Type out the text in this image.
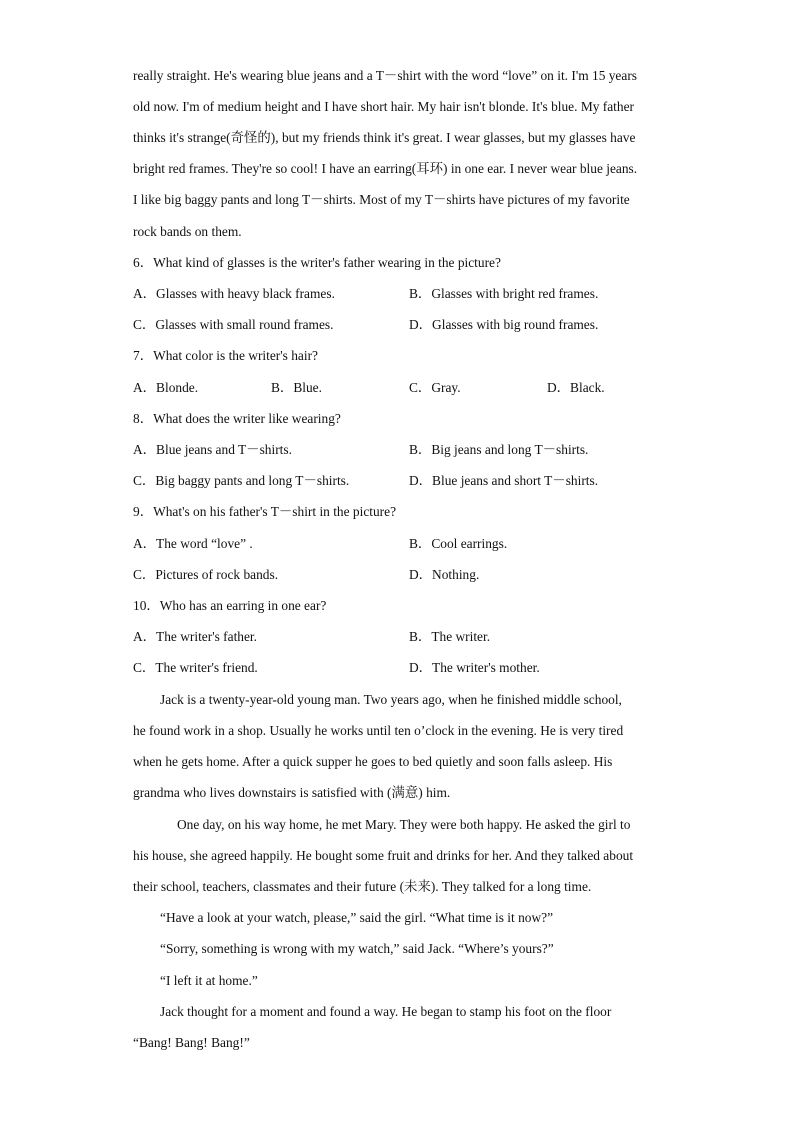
really straight. He's wearing blue jeans and a T－shirt with the word “love” on it. I'm 15 years
old now. I'm of medium height and I have short hair. My hair isn't blonde. It's blue. My father
thinks it's strange(奇怪的), but my friends think it's great. I wear glasses, but my glasses have
bright red frames. They're so cool! I have an earring(耳环) in one ear. I never wear blue jeans.
I like big baggy pants and long T－shirts. Most of my T－shirts have pictures of my favorite
rock bands on them.
6．What kind of glasses is the writer's father wearing in the picture?
A．Glasses with heavy black frames.	B．Glasses with bright red frames.
C．Glasses with small round frames.	D．Glasses with big round frames.
7．What color is the writer's hair?
A．Blonde.	B．Blue.	C．Gray.	D．Black.
8．What does the writer like wearing?
A．Blue jeans and T－shirts.	B．Big jeans and long T－shirts.
C．Big baggy pants and long T－shirts.	D．Blue jeans and short T－shirts.
9．What's on his father's T－shirt in the picture?
A．The word “love” .	B．Cool earrings.
C．Pictures of rock bands.	D．Nothing.
10．Who has an earring in one ear?
A．The writer's father.	B．The writer.
C．The writer's friend.	D．The writer's mother.
Jack is a twenty-year-old young man. Two years ago, when he finished middle school,
he found work in a shop. Usually he works until ten o’clock in the evening. He is very tired
when he gets home. After a quick supper he goes to bed quietly and soon falls asleep. His
grandma who lives downstairs is satisfied with (满意) him.
One day, on his way home, he met Mary. They were both happy. He asked the girl to
his house, she agreed happily. He bought some fruit and drinks for her. And they talked about
their school, teachers, classmates and their future (未来). They talked for a long time.
“Have a look at your watch, please,” said the girl. “What time is it now?”
“Sorry, something is wrong with my watch,” said Jack. “Where’s yours?”
“I left it at home.”
Jack thought for a moment and found a way. He began to stamp his foot on the floor
“Bang! Bang! Bang!”
